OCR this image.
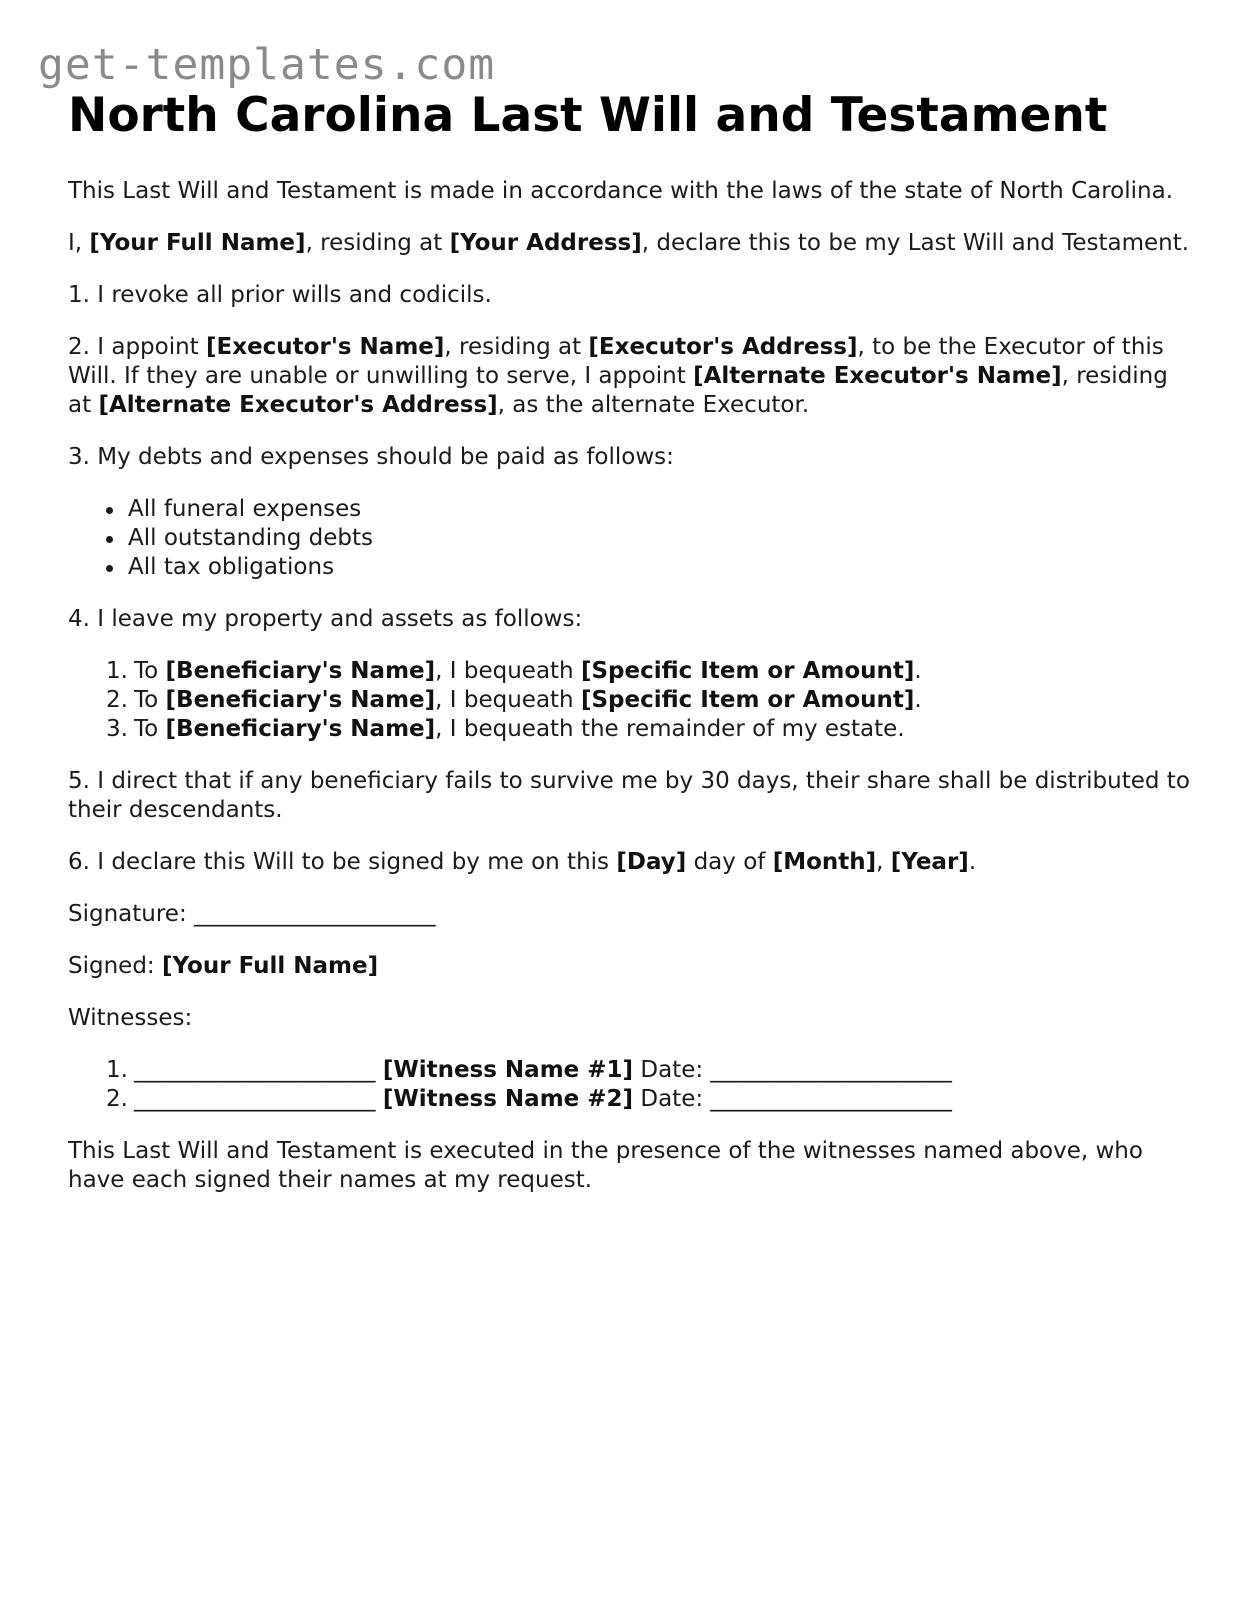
get-templates.com
North Carolina Last Will and Testament

This Last Will and Testament is made in accordance with the laws of the state of North Carolina.

I, [Your Full Name], residing at [Your Address], declare this to be my Last Will and Testament.

1. I revoke all prior wills and codicils.

2. I appoint [Executor's Name], residing at [Executor's Address], to be the Executor of this Will. If they are unable or unwilling to serve, I appoint [Alternate Executor's Name], residing at [Alternate Executor's Address], as the alternate Executor.

3. My debts and expenses should be paid as follows:

All funeral expenses
All outstanding debts
All tax obligations

4. I leave my property and assets as follows:

1. To [Beneficiary's Name], I bequeath [Specific Item or Amount].
2. To [Beneficiary's Name], I bequeath [Specific Item or Amount].
3. To [Beneficiary's Name], I bequeath the remainder of my estate.

5. I direct that if any beneficiary fails to survive me by 30 days, their share shall be distributed to their descendants.

6. I declare this Will to be signed by me on this [Day] day of [Month], [Year].

Signature: _____________________

Signed: [Your Full Name]

Witnesses:

1. _____________________ [Witness Name #1] Date: _____________________
2. _____________________ [Witness Name #2] Date: _____________________

This Last Will and Testament is executed in the presence of the witnesses named above, who have each signed their names at my request.
